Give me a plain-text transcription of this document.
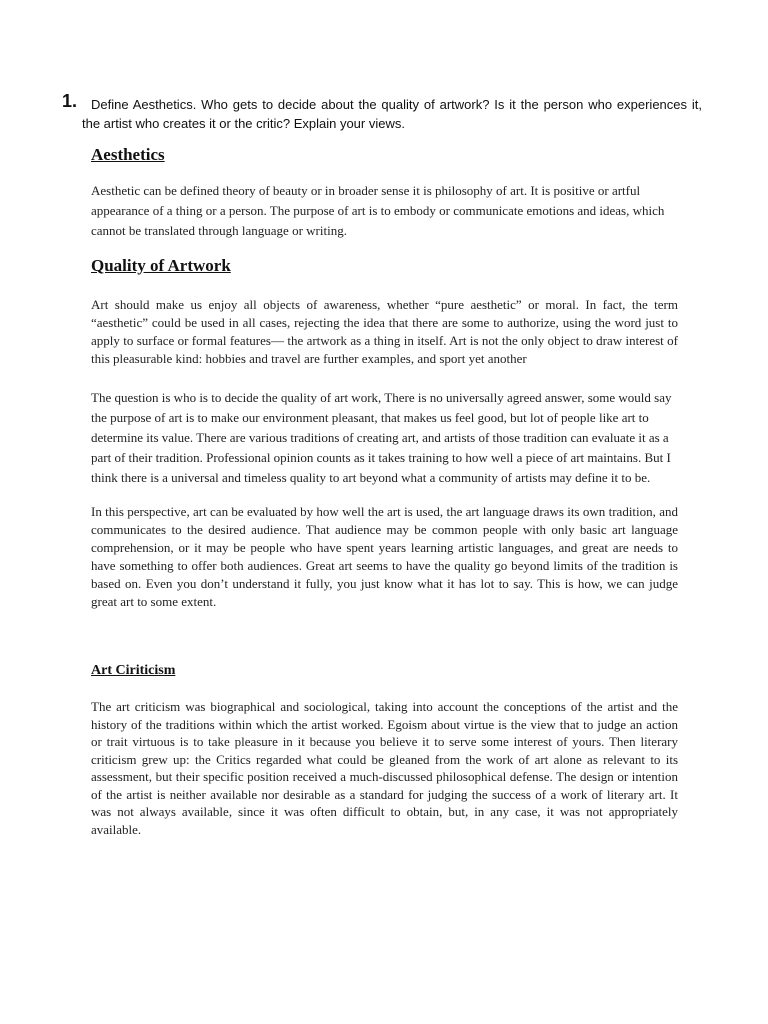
1.	Define Aesthetics. Who gets to decide about the quality of artwork? Is it the person who experiences it, the artist who creates it or the critic? Explain your views.
Aesthetics

Aesthetic can be defined theory of beauty or in broader sense it is philosophy of art. It is positive or artful appearance of a thing or a person. The purpose of art is to embody or communicate emotions and ideas, which cannot be translated through language or writing.

Quality of Artwork

Art should make us enjoy all objects of awareness, whether “pure aesthetic” or moral. In fact, the term “aesthetic” could be used in all cases, rejecting the idea that there are some to authorize, using the word just to apply to surface or formal features— the artwork as a thing in itself. Art is not the only object to draw interest of this pleasurable kind: hobbies and travel are further examples, and sport yet another

The question is who is to decide the quality of art work, There is no universally agreed answer, some would say the purpose of art is to make our environment pleasant, that makes us feel good, but lot of people like art to determine its value. There are various traditions of creating art, and artists of those tradition can evaluate it as a part of their tradition. Professional opinion counts as it takes training to how well a piece of art maintains. But I think there is a universal and timeless quality to art beyond what a community of artists may define it to be.

In this perspective, art can be evaluated by how well the art is used, the art language draws its own tradition, and communicates to the desired audience. That audience may be common people with only basic art language comprehension, or it may be people who have spent years learning artistic languages, and great are needs to have something to offer both audiences. Great art seems to have the quality go beyond limits of the tradition is based on. Even you don’t understand it fully, you just know what it has lot to say. This is how, we can judge great art to some extent.

Art Ciriticism

The art criticism was biographical and sociological, taking into account the conceptions of the artist and the history of the traditions within which the artist worked. Egoism about virtue is the view that to judge an action or trait virtuous is to take pleasure in it because you believe it to serve some interest of yours. Then literary criticism grew up: the Critics regarded what could be gleaned from the work of art alone as relevant to its assessment, but their specific position received a much-discussed philosophical defense. The design or intention of the artist is neither available nor desirable as a standard for judging the success of a work of literary art. It was not always available, since it was often difficult to obtain, but, in any case, it was not appropriately available.
